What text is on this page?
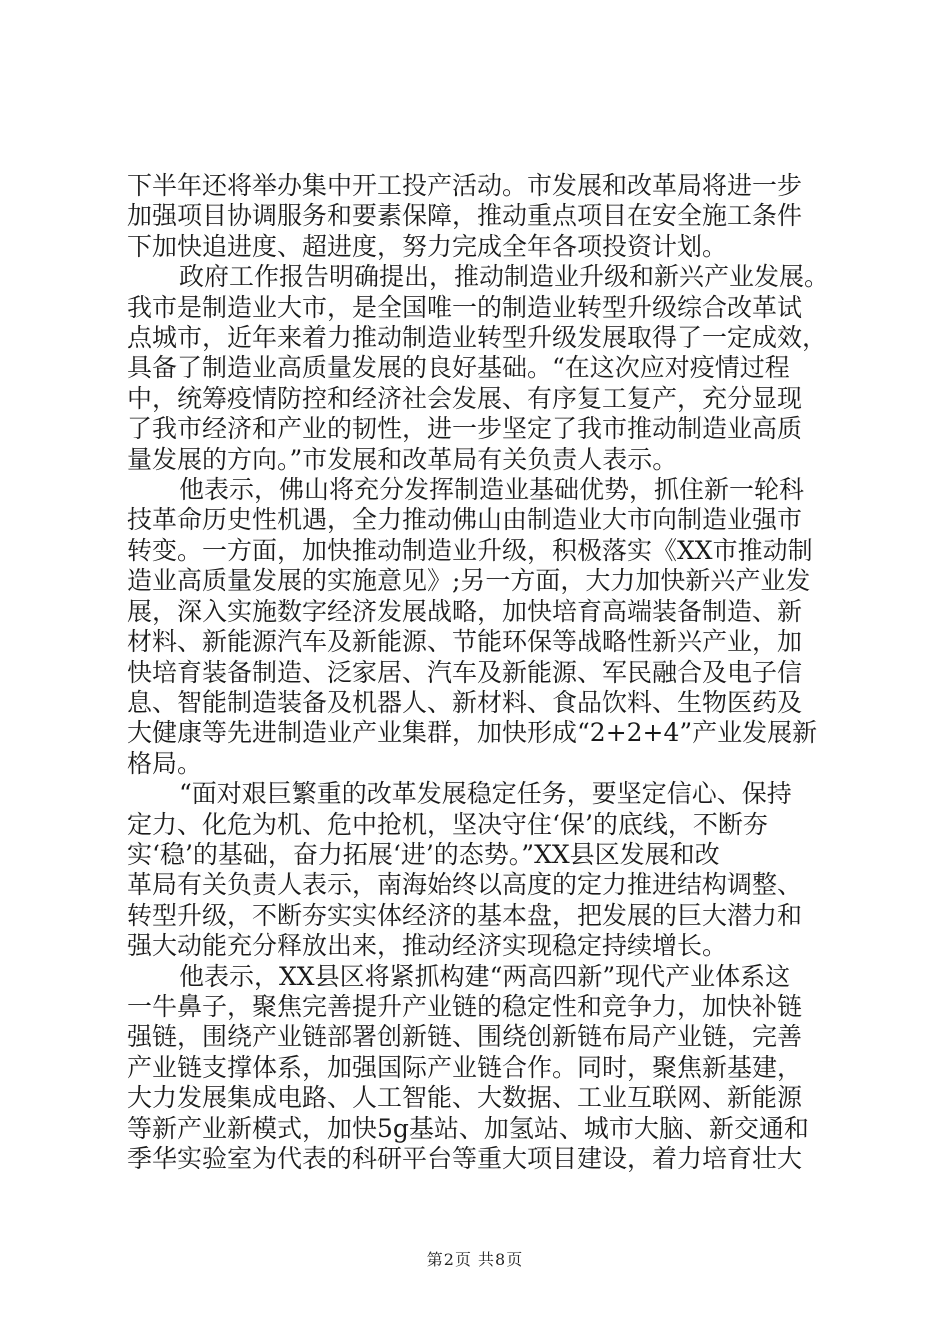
下半年还将举办集中开工投产活动。市发展和改革局将进一步
加强项目协调服务和要素保障，推动重点项目在安全施工条件
下加快追进度、超进度，努力完成全年各项投资计划。
政府工作报告明确提出，推动制造业升级和新兴产业发展。
我市是制造业大市，是全国唯一的制造业转型升级综合改革试
点城市，近年来着力推动制造业转型升级发展取得了一定成效，
具备了制造业高质量发展的良好基础。“在这次应对疫情过程
中，统筹疫情防控和经济社会发展、有序复工复产，充分显现
了我市经济和产业的韧性，进一步坚定了我市推动制造业高质
量发展的方向。”市发展和改革局有关负责人表示。
他表示，佛山将充分发挥制造业基础优势，抓住新一轮科
技革命历史性机遇，全力推动佛山由制造业大市向制造业强市
转变。一方面，加快推动制造业升级，积极落实《XX市推动制
造业高质量发展的实施意见》;另一方面，大力加快新兴产业发
展，深入实施数字经济发展战略，加快培育高端装备制造、新
材料、新能源汽车及新能源、节能环保等战略性新兴产业，加
快培育装备制造、泛家居、汽车及新能源、军民融合及电子信
息、智能制造装备及机器人、新材料、食品饮料、生物医药及
大健康等先进制造业产业集群，加快形成“2+2+4”产业发展新
格局。
“面对艰巨繁重的改革发展稳定任务，要坚定信心、保持
定力、化危为机、危中抢机，坚决守住‘保’的底线，不断夯
实‘稳’的基础，奋力拓展‘进’的态势。”XX县区发展和改
革局有关负责人表示，南海始终以高度的定力推进结构调整、
转型升级，不断夯实实体经济的基本盘，把发展的巨大潜力和
强大动能充分释放出来，推动经济实现稳定持续增长。
他表示，XX县区将紧抓构建“两高四新”现代产业体系这
一牛鼻子，聚焦完善提升产业链的稳定性和竞争力，加快补链
强链，围绕产业链部署创新链、围绕创新链布局产业链，完善
产业链支撑体系，加强国际产业链合作。同时，聚焦新基建，
大力发展集成电路、人工智能、大数据、工业互联网、新能源
等新产业新模式，加快5g基站、加氢站、城市大脑、新交通和
季华实验室为代表的科研平台等重大项目建设，着力培育壮大
第2页 共8页
